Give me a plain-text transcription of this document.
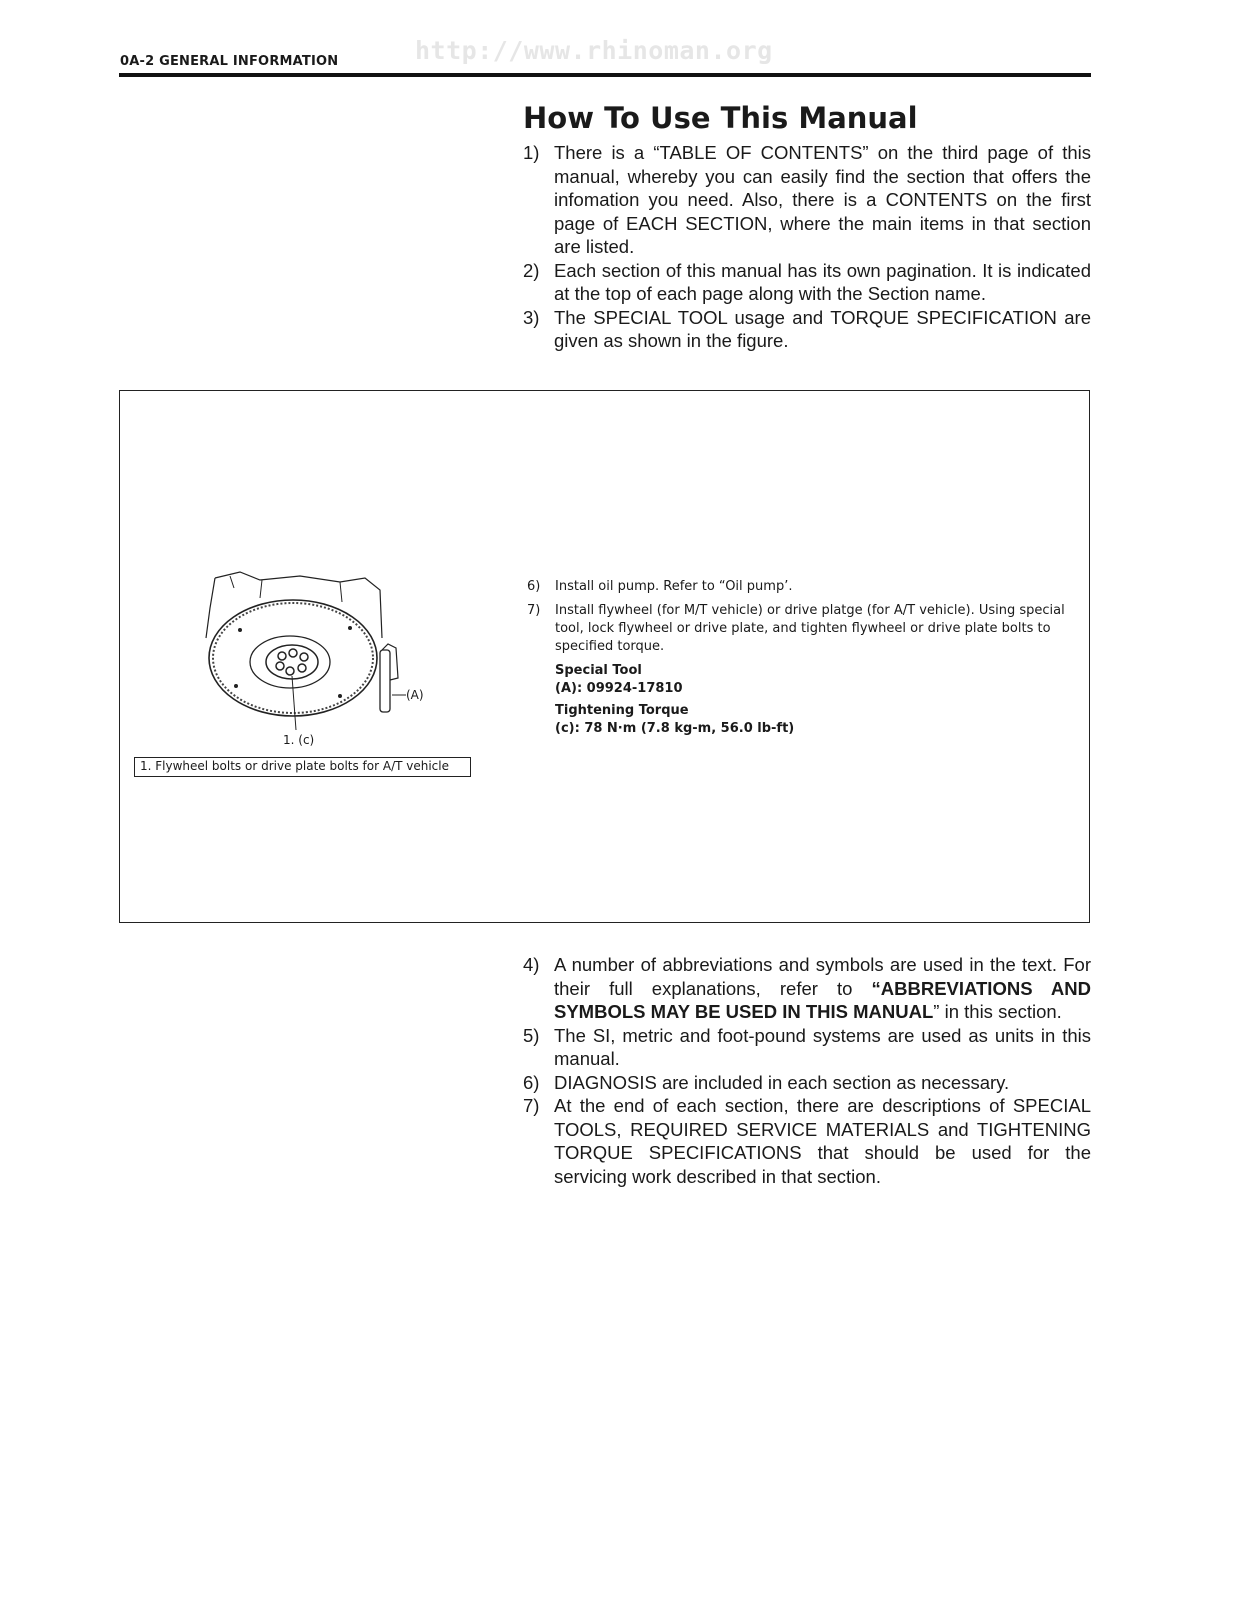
0A-2 GENERAL INFORMATION	http://www.rhinoman.org
How To Use This Manual
1) There is a “TABLE OF CONTENTS” on the third page of this manual, whereby you can easily find the section that offers the infomation you need. Also, there is a CONTENTS on the first page of EACH SECTION, where the main items in that section are listed.
2) Each section of this manual has its own pagination. It is indicated at the top of each page along with the Section name.
3) The SPECIAL TOOL usage and TORQUE SPECIFICATION are given as shown in the figure.
(A)
1. (c)
1. Flywheel bolts or drive plate bolts for A/T vehicle
6) Install oil pump. Refer to “Oil pump’.
7) Install flywheel (for M/T vehicle) or drive platge (for A/T vehicle). Using special tool, lock flywheel or drive plate, and tighten flywheel or drive plate bolts to specified torque.
Special Tool
(A): 09924-17810
Tightening Torque
(c): 78 N·m (7.8 kg-m, 56.0 lb-ft)
4) A number of abbreviations and symbols are used in the text. For their full explanations, refer to “ABBREVIATIONS AND SYMBOLS MAY BE USED IN THIS MANUAL” in this section.
5) The SI, metric and foot-pound systems are used as units in this manual.
6) DIAGNOSIS are included in each section as necessary.
7) At the end of each section, there are descriptions of SPECIAL TOOLS, REQUIRED SERVICE MATERIALS and TIGHTENING TORQUE SPECIFICATIONS that should be used for the servicing work described in that section.
